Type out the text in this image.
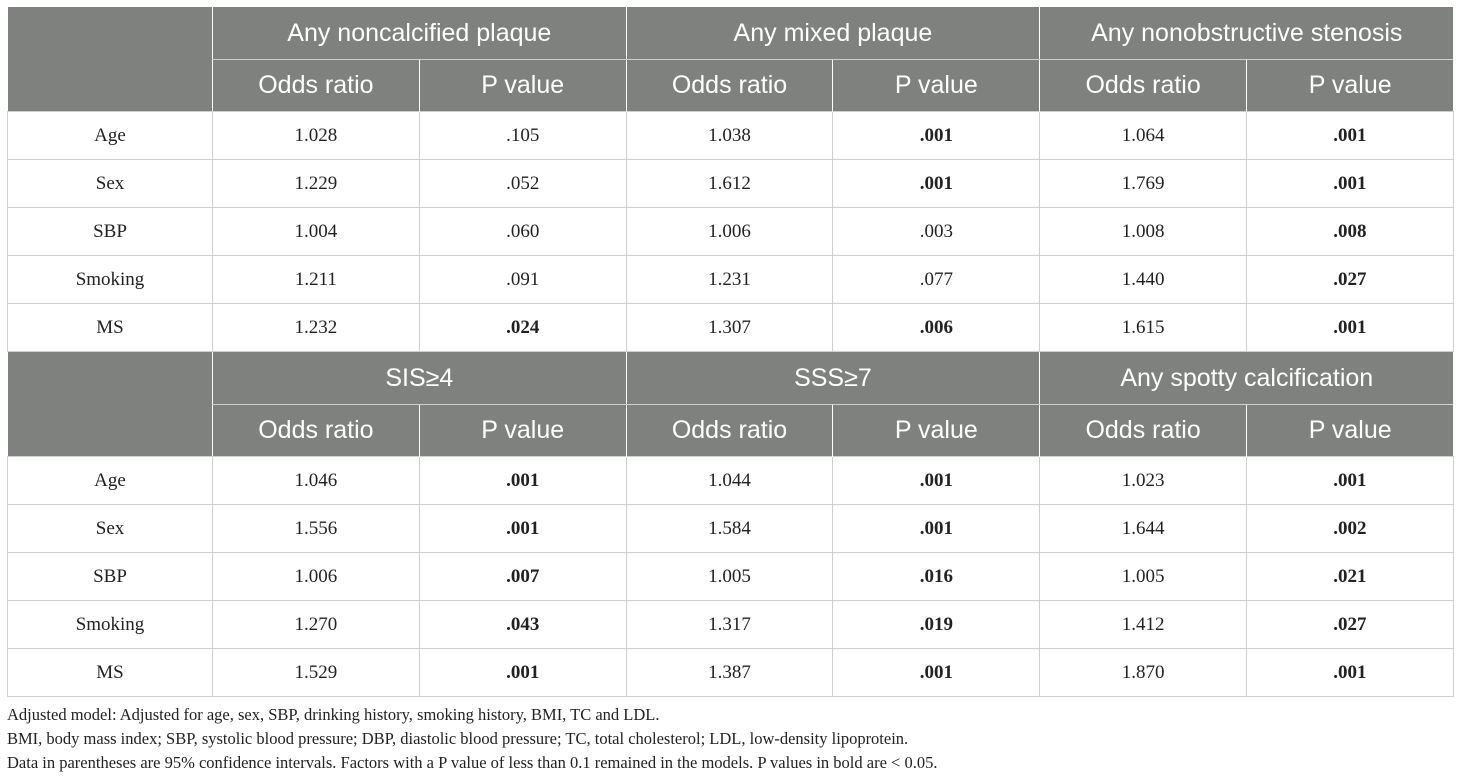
	Any noncalcified plaque		Any mixed plaque		Any nonobstructive stenosis	
	Odds ratio	P value	Odds ratio	P value	Odds ratio	P value
Age	1.028	.105	1.038	.001	1.064	.001
Sex	1.229	.052	1.612	.001	1.769	.001
SBP	1.004	.060	1.006	.003	1.008	.008
Smoking	1.211	.091	1.231	.077	1.440	.027
MS	1.232	.024	1.307	.006	1.615	.001
	SIS≥4		SSS≥7		Any spotty calcification	
	Odds ratio	P value	Odds ratio	P value	Odds ratio	P value
Age	1.046	.001	1.044	.001	1.023	.001
Sex	1.556	.001	1.584	.001	1.644	.002
SBP	1.006	.007	1.005	.016	1.005	.021
Smoking	1.270	.043	1.317	.019	1.412	.027
MS	1.529	.001	1.387	.001	1.870	.001
Adjusted model: Adjusted for age, sex, SBP, drinking history, smoking history, BMI, TC and LDL.
BMI, body mass index; SBP, systolic blood pressure; DBP, diastolic blood pressure; TC, total cholesterol; LDL, low-density lipoprotein.
Data in parentheses are 95% confidence intervals. Factors with a P value of less than 0.1 remained in the models. P values in bold are < 0.05.
